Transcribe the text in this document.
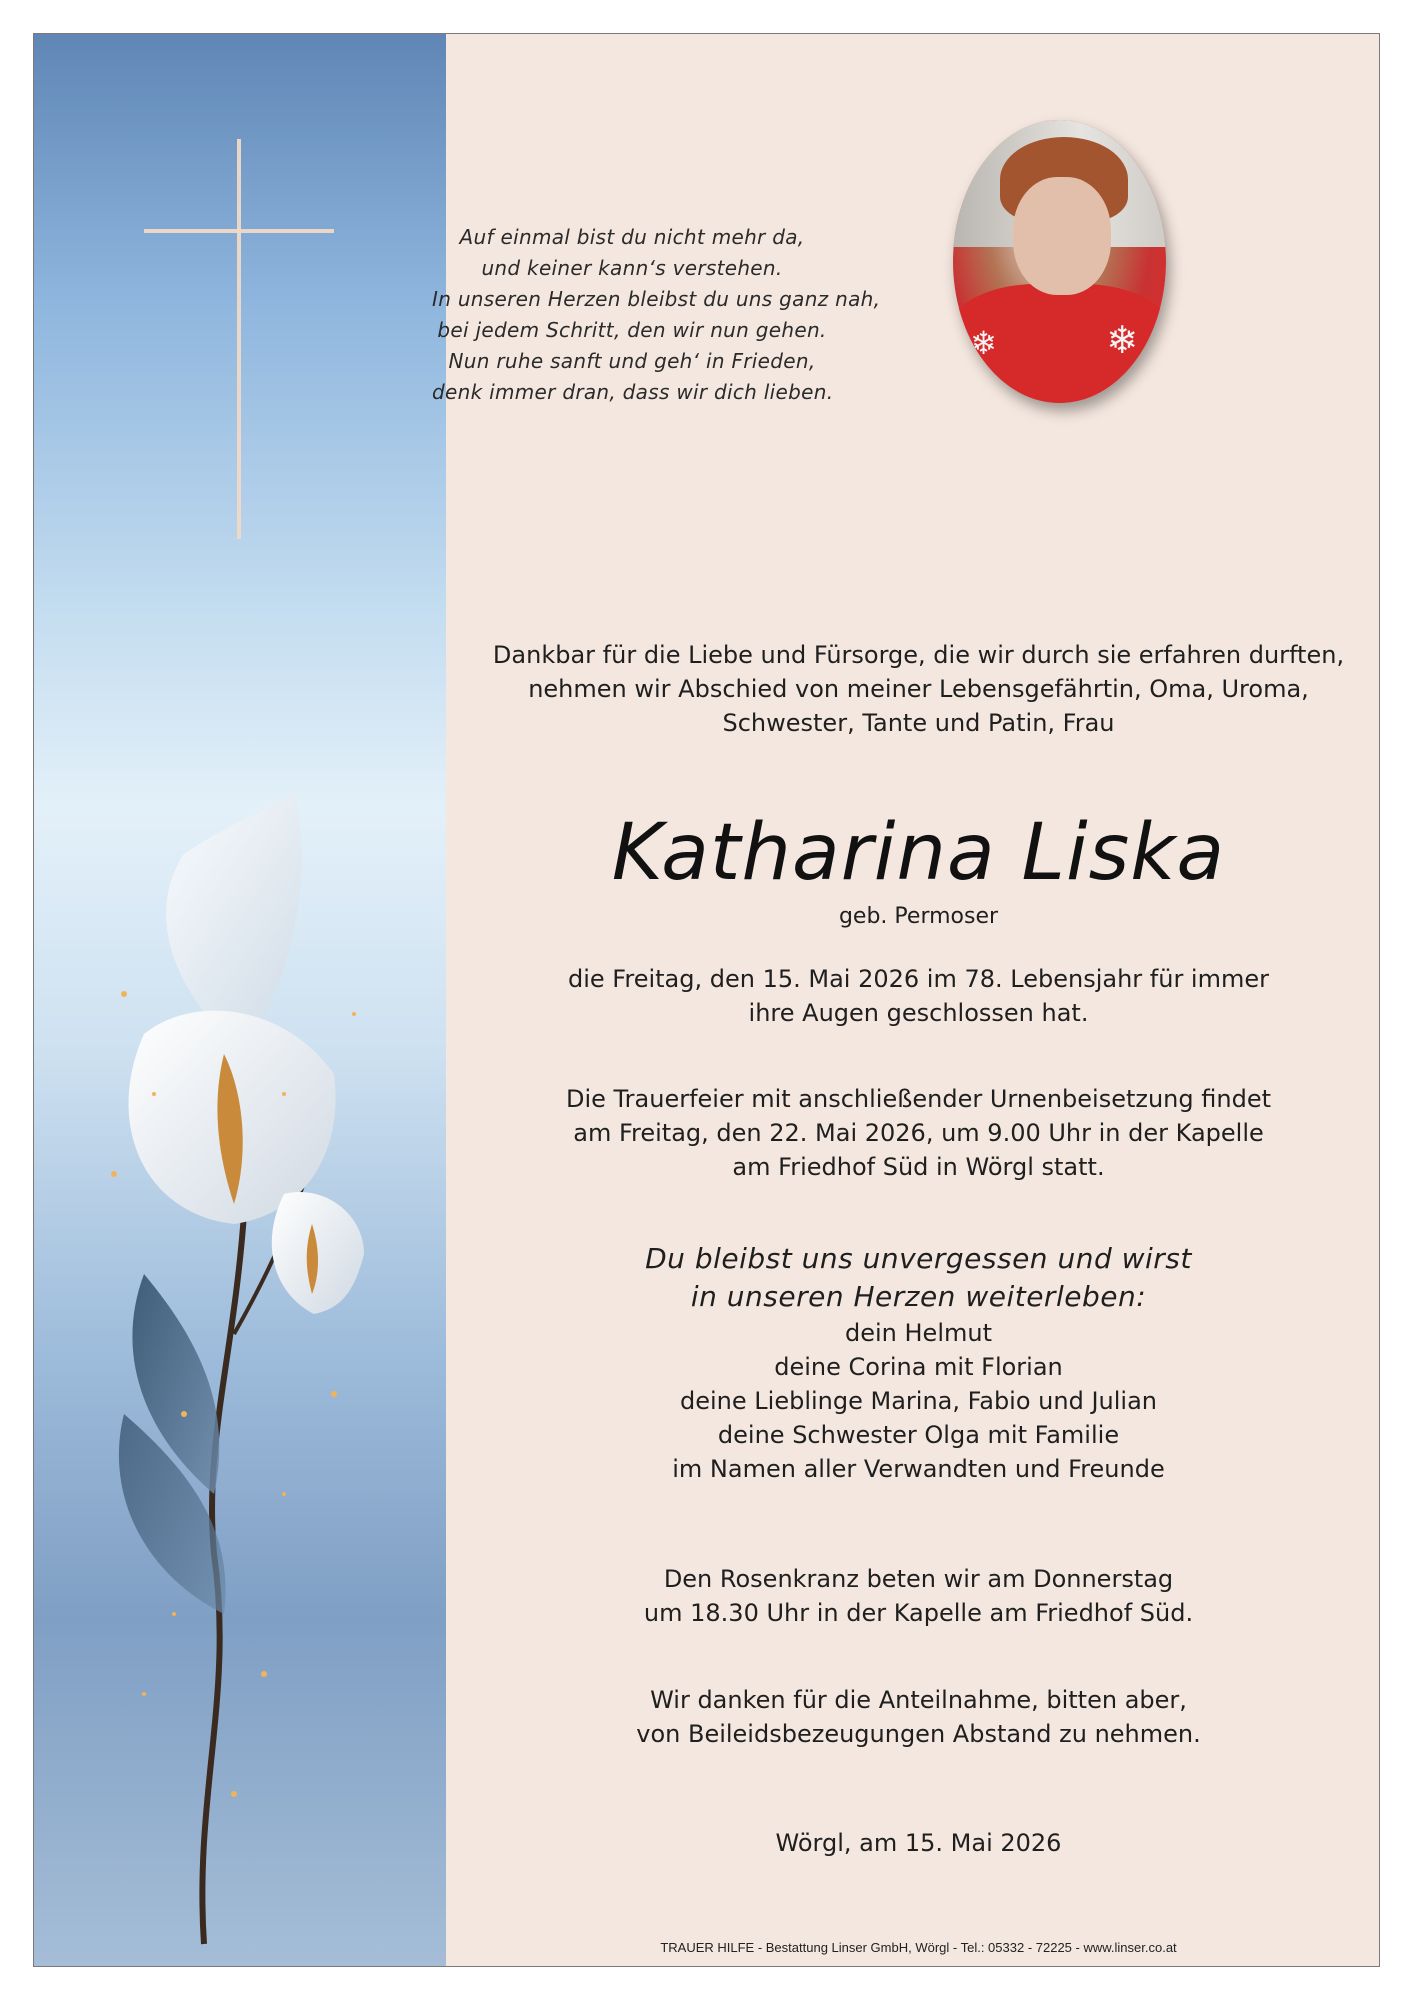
Auf einmal bist du nicht mehr da,
und keiner kann‘s verstehen.
In unseren Herzen bleibst du uns ganz nah,
bei jedem Schritt, den wir nun gehen.
Nun ruhe sanft und geh‘ in Frieden,
denk immer dran, dass wir dich lieben.
❄	❄
Dankbar für die Liebe und Fürsorge, die wir durch sie erfahren durften,
nehmen wir Abschied von meiner Lebensgefährtin, Oma, Uroma,
Schwester, Tante und Patin, Frau
Katharina Liska
geb. Permoser
die Freitag, den 15. Mai 2026 im 78. Lebensjahr für immer
ihre Augen geschlossen hat.
Die Trauerfeier mit anschließender Urnenbeisetzung findet
am Freitag, den 22. Mai 2026, um 9.00 Uhr in der Kapelle
am Friedhof Süd in Wörgl statt.
Du bleibst uns unvergessen und wirst
in unseren Herzen weiterleben:
dein Helmut
deine Corina mit Florian
deine Lieblinge Marina, Fabio und Julian
deine Schwester Olga mit Familie
im Namen aller Verwandten und Freunde
Den Rosenkranz beten wir am Donnerstag
um 18.30 Uhr in der Kapelle am Friedhof Süd.
Wir danken für die Anteilnahme, bitten aber,
von Beileidsbezeugungen Abstand zu nehmen.
Wörgl, am 15. Mai 2026
TRAUER HILFE - Bestattung Linser GmbH, Wörgl - Tel.: 05332 - 72225 - www.linser.co.at
